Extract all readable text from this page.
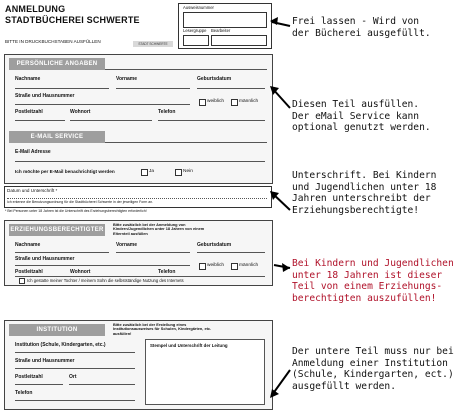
ANMELDUNG
STADTBÜCHEREI SCHWERTE
BITTE IN DRUCKBUCHSTABEN AUSFÜLLEN	STADT SCHWERTE
Ausweisnummer
Lesergruppe Bearbeiter
PERSÖNLICHE ANGABEN
Nachname	Vorname	Geburtsdatum
Straße und Hausnummer
weiblich	männlich
Postleitzahl	Wohnort	Telefon
E-MAIL SERVICE
E-Mail Adresse
Ich möchte per E-Mail benachrichtigt werden	Ja	Nein
Datum und Unterschrift *
Ich erkenne die Benutzungsordnung für die Stadtbücherei Schwerte in der jeweiligen Form an.
* Bei Personen unter 18 Jahren ist die Unterschrift des Erziehungsberechtigten erforderlich!
ERZIEHUNGSBERECHTIGTER
Bitte zusätzlich bei der Anmeldung von Kindern/Jugendlichen unter 18 Jahren von einem Elternteil ausfüllen
Nachname	Vorname	Geburtsdatum
Straße und Hausnummer
weiblich	männlich
Postleitzahl	Wohnort	Telefon
Ich gestatte meiner Tochter / meinem Sohn die selbstständige Nutzung des Internets
INSTITUTION
Bitte zusätzlich bei der Erstellung eines Institutionsausweises für Schulen, Kindergärten, etc. ausfüllen!
Institution (Schule, Kindergarten, etc.)
Straße und Hausnummer
Postleitzahl	Ort
Telefon
Stempel und Unterschrift der Leitung
Frei lassen - Wird von
der Bücherei ausgefüllt.
Diesen Teil ausfüllen.
Der eMail Service kann
optional genutzt werden.
Unterschrift. Bei Kindern
und Jugendlichen unter 18
Jahren unterschreibt der
Erziehungsberechtigte!
Bei Kindern und Jugendlichen
unter 18 Jahren ist dieser
Teil von einem Erziehungs-
berechtigten auszufüllen!
Der untere Teil muss nur bei
Anmeldung einer Institution
(Schule, Kindergarten, ect.)
ausgefüllt werden.
